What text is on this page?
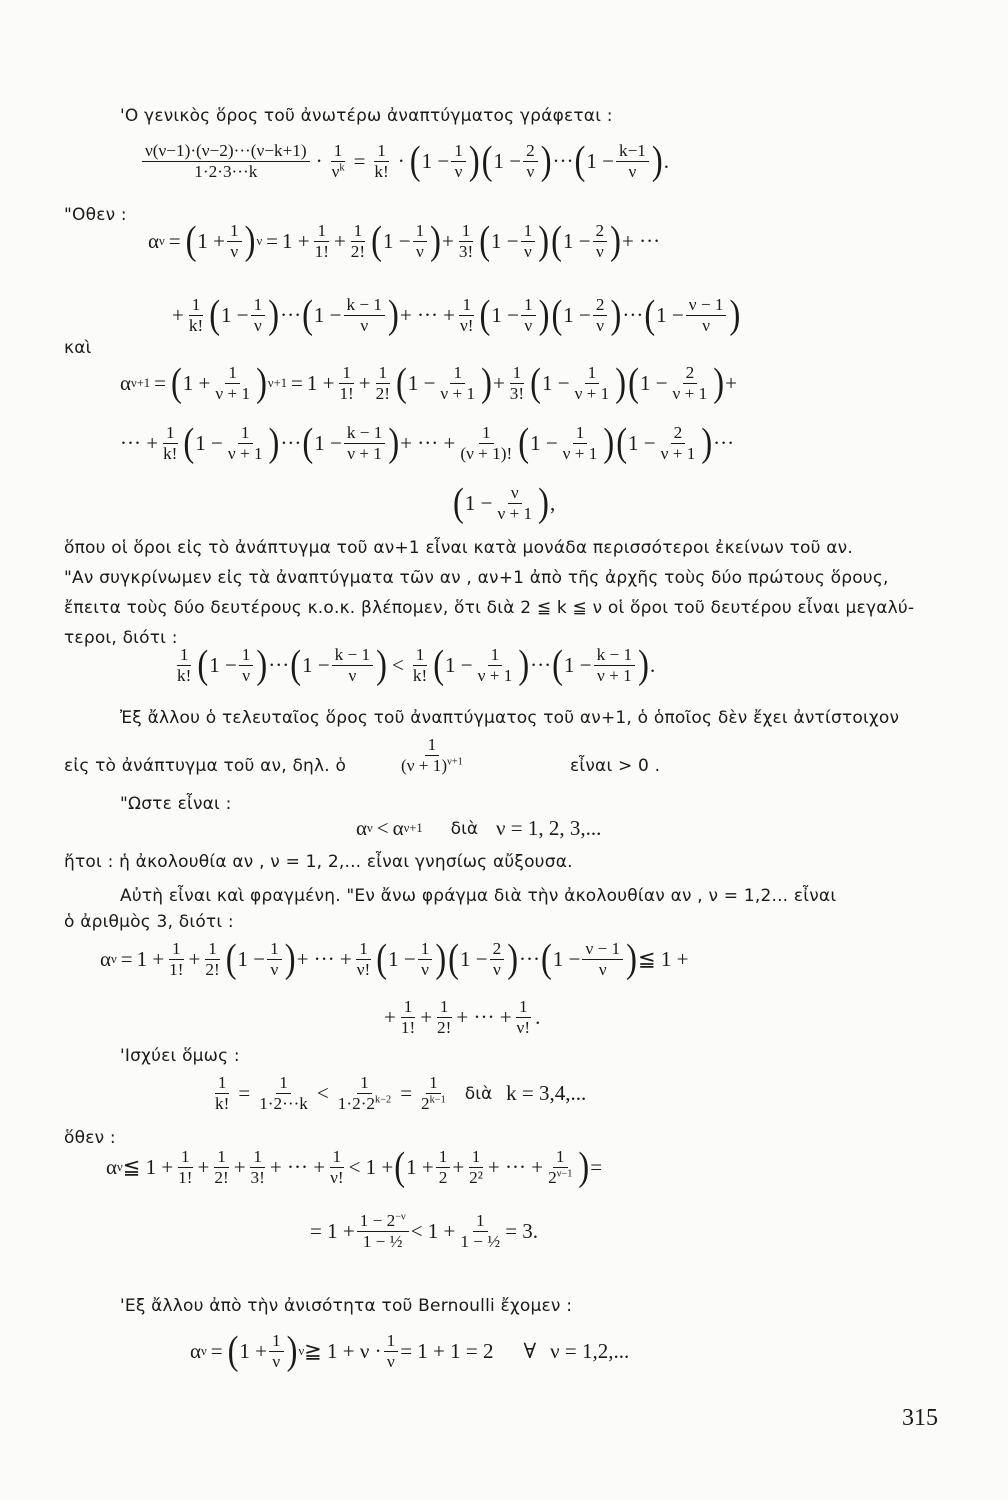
'Ο γενικὸς ὅρος τοῦ ἀνωτέρω ἀναπτύγματος γράφεται :
$\frac{\nu(\nu-1)\cdot(\nu-2)\cdot\cdot\cdot(\nu-k+1)}{1\cdot 2\cdot 3\cdot\cdot\cdot k} \cdot \frac{1}{\nu^k} = \frac{1}{k!}$ · ( $1 - \frac{1}{\nu}$ ) ( $1 - \frac{2}{\nu}$ ) ··· ( $1 - \frac{k-1}{\nu}$ ) .
"Οθεν :
α ν = ( $1 + \frac{1}{\nu}$ ) $\nu = 1 + \frac{1}{1!} + \frac{1}{2!}$ ( $1 - \frac{1}{\nu}$ ) + $\frac{1}{3!}$ ( $1 - \frac{1}{\nu}$ ) ( $1 - \frac{2}{\nu}$ ) + ···
+ $\frac{1}{k!}$ ( $1 - \frac{1}{\nu}$ ) ··· ( $1 - \frac{k - 1}{\nu}$ ) + ··· + $\frac{1}{\nu!}$ ( $1 - \frac{1}{\nu}$ ) ( $1 - \frac{2}{\nu}$ ) ··· ( $1 - \frac{\nu - 1}{\nu}$ )
καὶ
α ν+1 = ( $1 + \frac{1}{\nu + 1}$ ) $\nu+1 = 1 + \frac{1}{1!} + \frac{1}{2!}$ ( $1 - \frac{1}{\nu + 1}$ ) + $\frac{1}{3!}$ ( $1 - \frac{1}{\nu + 1}$ ) ( $1 - \frac{2}{\nu + 1}$ ) +
··· + $\frac{1}{k!}$ ( $1 - \frac{1}{\nu + 1}$ ) ··· ( $1 - \frac{k - 1}{\nu + 1}$ ) + ··· + $\frac{1}{(\nu + 1)!}$ ( $1 - \frac{1}{\nu + 1}$ ) ( $1 - \frac{2}{\nu + 1}$ ) ···
( $1 - \frac{\nu}{\nu + 1}$ ) ,
ὅπου οἱ ὅροι εἰς τὸ ἀνάπτυγμα τοῦ αν+1 εἶναι κατὰ μονάδα περισσότεροι ἐκείνων τοῦ αν.
"Αν συγκρίνωμεν εἰς τὰ ἀναπτύγματα τῶν αν , αν+1 ἀπὸ τῆς ἀρχῆς τοὺς δύο πρώτους ὅρους,
ἔπειτα τοὺς δύο δευτέρους κ.ο.κ. βλέπομεν, ὅτι διὰ 2 ≦ k ≦ ν οἱ ὅροι τοῦ δευτέρου εἶναι μεγαλύ-
τεροι, διότι :
$\frac{1}{k!}$ ( $1 - \frac{1}{\nu}$ ) ··· ( $1 - \frac{k - 1}{\nu}$ ) < $\frac{1}{k!}$ ( $1 - \frac{1}{\nu + 1}$ ) ··· ( $1 - \frac{k - 1}{\nu + 1}$ ) .
Ἐξ ἄλλου ὁ τελευταῖος ὅρος τοῦ ἀναπτύγματος τοῦ αν+1, ὁ ὁποῖος δὲν ἔχει ἀντίστοιχον
εἰς τὸ ἀνάπτυγμα τοῦ αν, δηλ. ὁ	$\frac{1}{(\nu + 1)^{\nu+1}}$	εἶναι > 0 .
"Ωστε εἶναι :
α ν < α ν+1 διὰ ν = 1, 2, 3,...
ἤτοι : ἡ ἀκολουθία αν , ν = 1, 2,... εἶναι γνησίως αὔξουσα.
Αὐτὴ εἶναι καὶ φραγμένη. "Εν ἄνω φράγμα διὰ τὴν ἀκολουθίαν αν , ν = 1,2... εἶναι
ὁ ἀριθμὸς 3, διότι :
α $\nu = 1 + \frac{1}{1!} + \frac{1}{2!}$ ( $1 - \frac{1}{\nu}$ ) + ··· + $\frac{1}{\nu!}$ ( $1 - \frac{1}{\nu}$ ) ( $1 - \frac{2}{\nu}$ ) ··· ( $1 - \frac{\nu - 1}{\nu}$ ) ≦ 1 +
+ $\frac{1}{1!} + \frac{1}{2!}$ + ··· + $\frac{1}{\nu!}$ .
'Ισχύει ὅμως :
$\frac{1}{k!} = \frac{1}{1\cdot 2\cdot\cdot\cdot k} < \frac{1}{1\cdot 2\cdot 2^{k-2}} = \frac{1}{2^{k-1}}$ διὰ k = 3,4,...
ὅθεν :
α ν ≦ $1 + \frac{1}{1!} + \frac{1}{2!} + \frac{1}{3!}$ + ··· + $\frac{1}{\nu!} < 1$ + ( $1 + \frac{1}{2} + \frac{1}{\text{2²}}$ + ··· + $\frac{1}{2^{\nu-1}}$ ) =
= $1 + \frac{1 - 2^{-\nu}}{\text{1 − ½}} < 1 + \frac{1}{\text{1 − ½}} = 3$.
'Εξ ἄλλου ἀπὸ τὴν ἀνισότητα τοῦ Bernoulli ἔχομεν :
α ν = ( $1 + \frac{1}{\nu}$ ) ν ≧ $1 + \nu \cdot \frac{1}{\nu} = 1 + 1 = 2$ ∀ ν = 1,2,...
315
